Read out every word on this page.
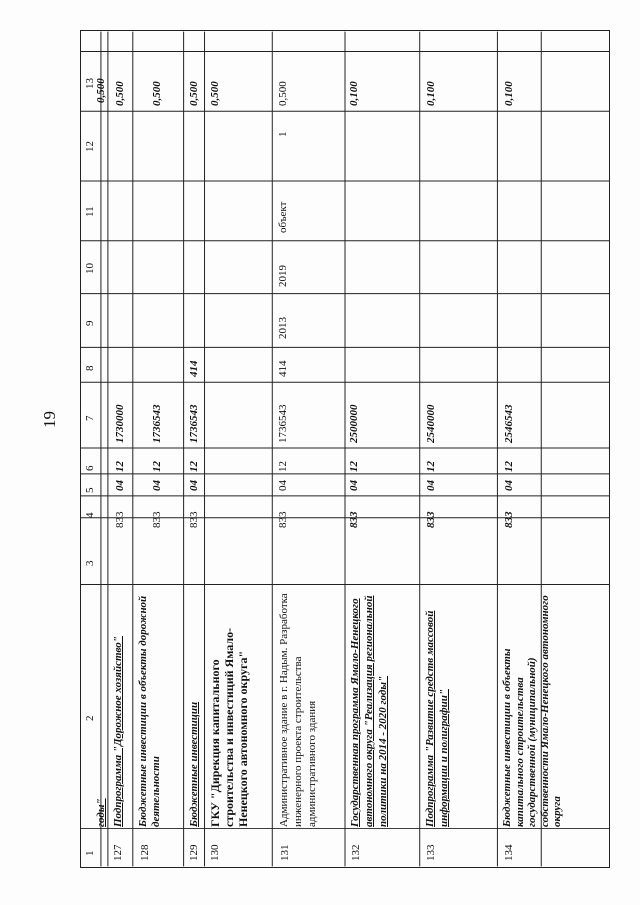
19
1
2
3
4
5
6
7
8
9
10
11
12
13
годы"
0,500
127
Подпрограмма "Дорожное хозяйство"
833
04
12
1730000
0,500
128
Бюджетные инвестиции в объекты дорожной деятельности
833
04
12
1736543
0,500
129
Бюджетные инвестиции
833
04
12
1736543
414
0,500
130
ГКУ "Дирекция капитального строительства и инвестиций Ямало-Ненецкого автономного округа"
0,500
131
Административное здание в г. Надым. Разработка инженерного проекта строительства административного здания
833
04
12
1736543
414
2013
2019
объект
1
0,500
132
Государственная программа Ямало-Ненецкого автономного округа "Реализация региональной политики на 2014 - 2020 годы"
833
04
12
2500000
0,100
133
Подпрограмма "Развитие средств массовой информации и полиграфии"
833
04
12
2540000
0,100
134
Бюджетные инвестиции в объекты капитального строительства государственной (муниципальной) собственности Ямало-Ненецкого автономного округа
833
04
12
2546543
0,100
